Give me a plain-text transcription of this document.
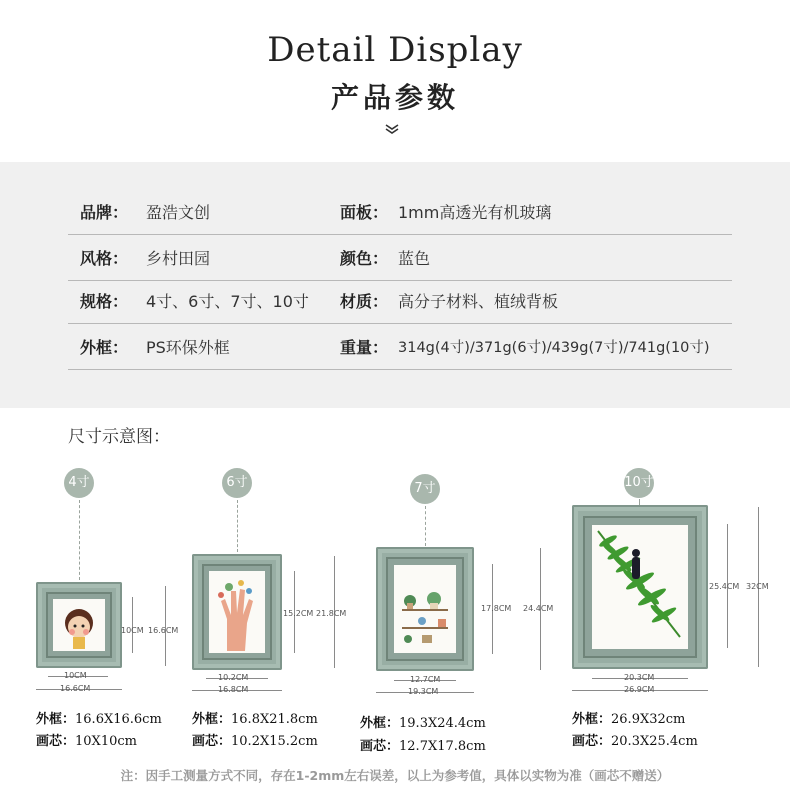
Detail Display
产品参数
品牌： 盈浩文创	面板： 1mm高透光有机玻璃
风格： 乡村田园	颜色： 蓝色
规格： 4寸、6寸、7寸、10寸 材质： 高分子材料、植绒背板
外框： PS环保外框	重量： 314g(4寸)/371g(6寸)/439g(7寸)/741g(10寸)
尺寸示意图：
4寸
10CM
16.6CM
10CM 16.6CM
外框：16.6X16.6cm
画芯：10X10cm
6寸
10.2CM
16.8CM
15.2CM 21.8CM
外框：16.8X21.8cm
画芯：10.2X15.2cm
7寸
12.7CM
19.3CM
17.8CM 24.4CM
外框：19.3X24.4cm
画芯：12.7X17.8cm
10寸
20.3CM
26.9CM
25.4CM 32CM
外框：26.9X32cm
画芯：20.3X25.4cm
注：因手工测量方式不同，存在1-2mm左右误差，以上为参考值，具体以实物为准（画芯不赠送）
